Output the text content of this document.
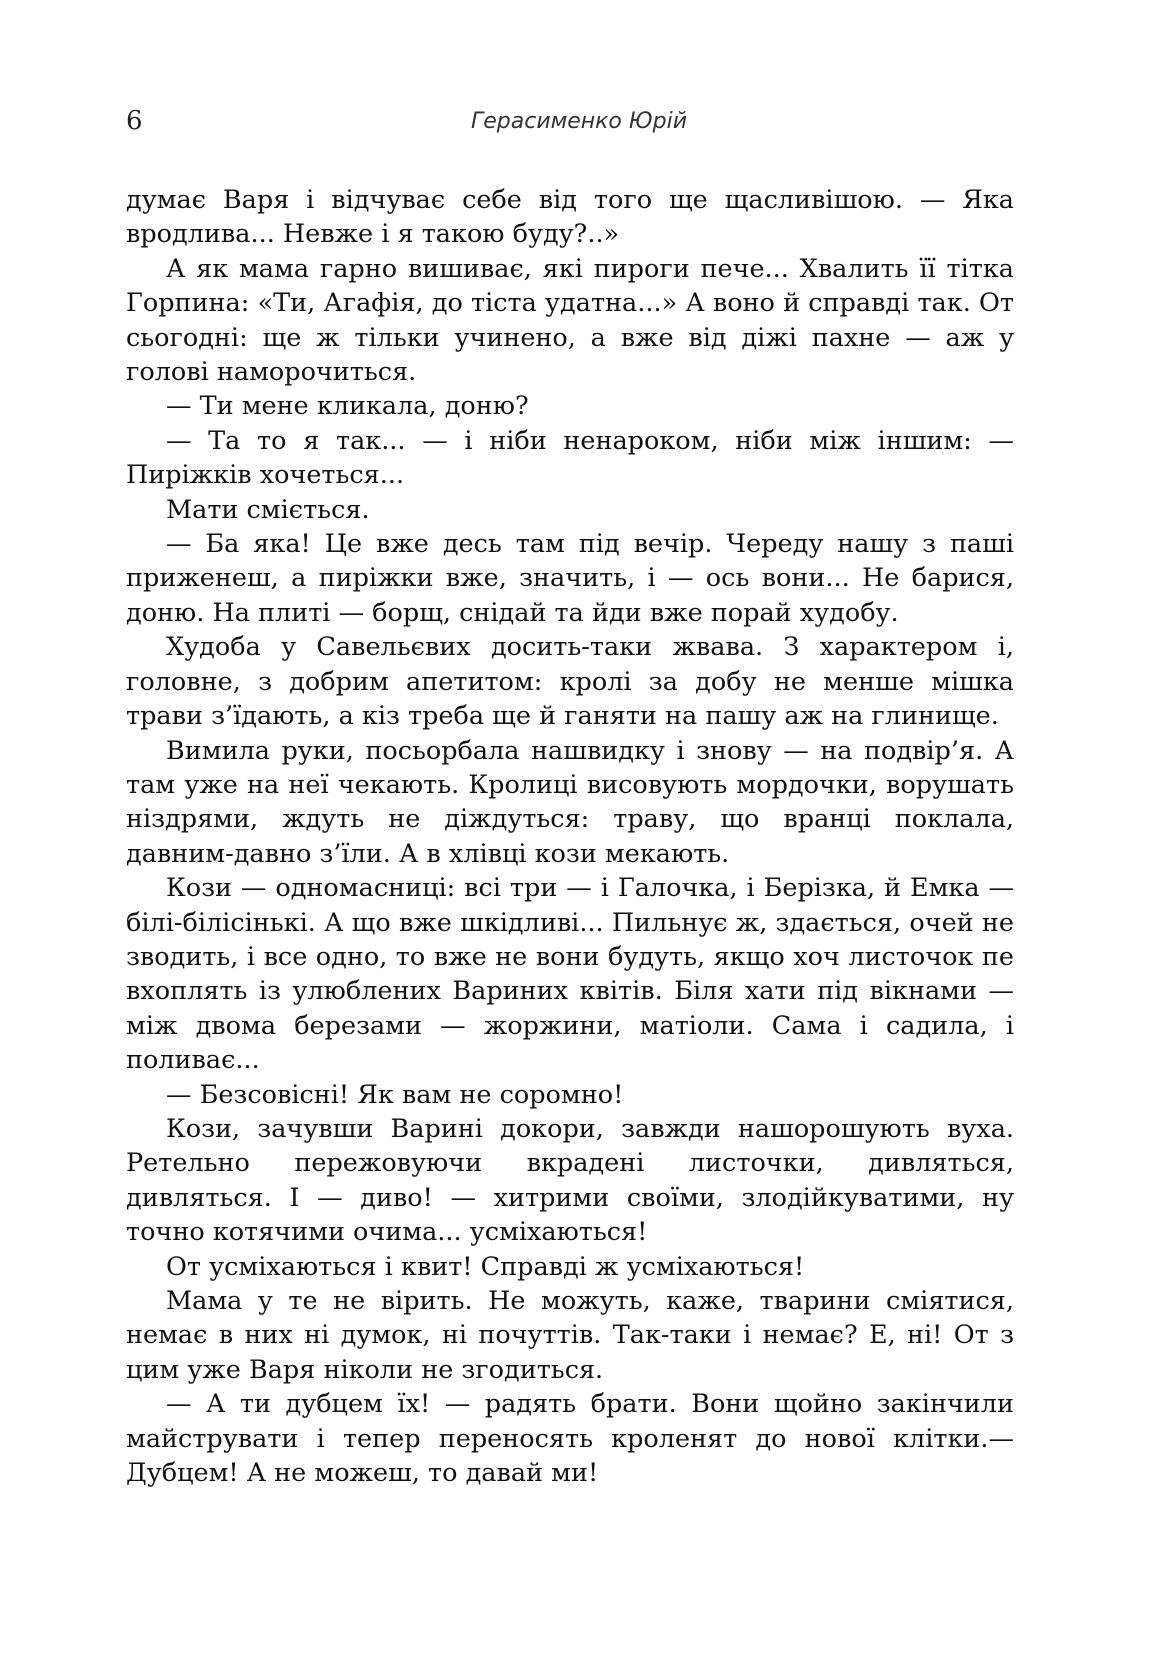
6	Герасименко Юрій

думає Варя і відчуває себе від того ще щасливішою. — Яка вродлива... Невже і я такою буду?..»

А як мама гарно вишиває, які пироги пече... Хвалить її тітка Горпина: «Ти, Агафія, до тіста удатна...» А воно й справді так. От сьогодні: ще ж тільки учинено, а вже від діжі пахне — аж у голові наморочиться.

— Ти мене кликала, доню?

— Та то я так... — і ніби ненароком, ніби між іншим: — Пиріжків хочеться...

Мати сміється.

— Ба яка! Це вже десь там під вечір. Череду нашу з паші приженеш, а пиріжки вже, значить, і — ось вони... Не барися, доню. На плиті — борщ, снідай та йди вже порай худобу.

Худоба у Савельєвих досить-таки жвава. З характером і, головне, з добрим апетитом: кролі за добу не менше мішка трави з’їдають, а кіз треба ще й ганяти на пашу аж на глинище.

Вимила руки, посьорбала нашвидку і знову — на подвір’я. А там уже на неї чекають. Кролиці висовують мордочки, ворушать ніздрями, ждуть не діждуться: траву, що вранці поклала, давним-давно з’їли. А в хлівці кози мекають.

Кози — одномасниці: всі три — і Галочка, і Берізка, й Емка — білі-білісінькі. А що вже шкідливі... Пильнує ж, здається, очей не зводить, і все одно, то вже не вони будуть, якщо хоч листочок пе вхоплять із улюблених Вариних квітів. Біля хати під вікнами — між двома березами — жоржини, матіоли. Сама і садила, і поливає...

— Безсовісні! Як вам не соромно!

Кози, зачувши Варині докори, завжди нашорошують вуха. Ретельно пережовуючи вкрадені листочки, дивляться, дивляться. І — диво! — хитрими своїми, злодійкуватими, ну точно котячими очима... усміхаються!

От усміхаються і квит! Справді ж усміхаються!

Мама у те не вірить. Не можуть, каже, тварини сміятися, немає в них ні думок, ні почуттів. Так-таки і немає? Е, ні! От з цим уже Варя ніколи не згодиться.

— А ти дубцем їх! — радять брати. Вони щойно закінчили майструвати і тепер переносять кроленят до нової клітки.— Дубцем! А не можеш, то давай ми!
